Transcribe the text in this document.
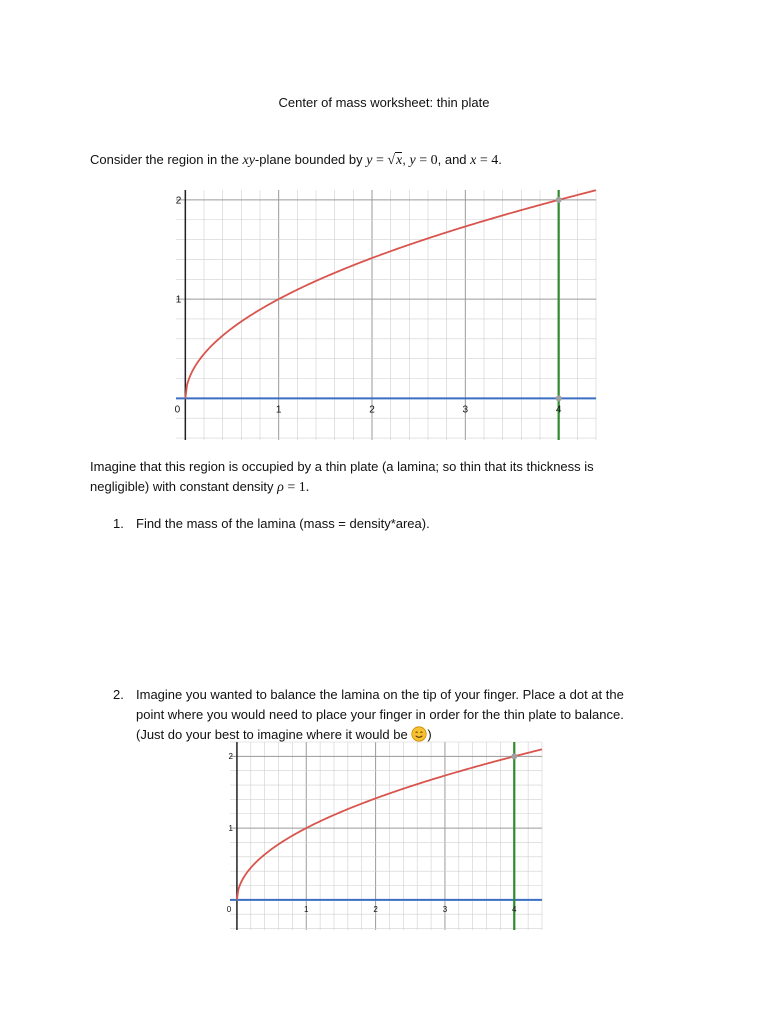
Center of mass worksheet: thin plate
Consider the region in the xy-plane bounded by y = √x, y = 0, and x = 4.
0	1	2	3	4
1
2
Imagine that this region is occupied by a thin plate (a lamina; so thin that its thickness is
negligible) with constant density ρ = 1.
1. Find the mass of the lamina (mass = density*area).
2. Imagine you wanted to balance the lamina on the tip of your finger. Place a dot at the
point where you would need to place your finger in order for the thin plate to balance.
(Just do your best to imagine where it would be )
0	1	2	3	4
1
2
